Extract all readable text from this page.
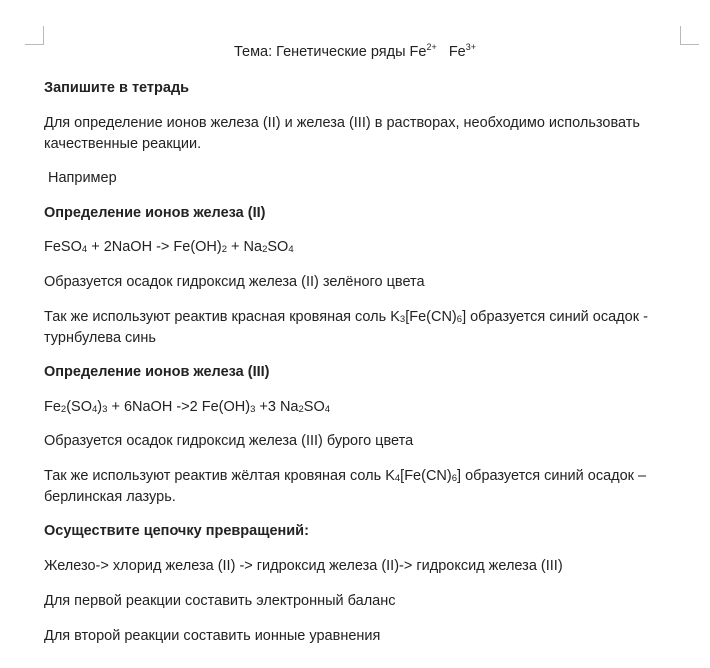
Тема: Генетические ряды $Fe^{2+}$ $Fe^{3+}$
Запишите в тетрадь
Для определение ионов железа (II) и железа (III) в растворах, необходимо использовать качественные реакции.
Например
Определение ионов железа (II)
FeSO$_4$ + 2NaOH -> $Fe(OH)_2 + Na_2SO_4$
Образуется осадок гидроксид железа (II) зелёного цвета
Так же используют реактив красная кровяная соль $K_3[Fe(CN)_6]$ образуется синий осадок - турнбулева синь
Определение ионов железа (III)
$Fe_2(SO_4)_3$ + 6NaOH ->2 $Fe(OH)_3 +3$ $Na_2SO_4$
Образуется осадок гидроксид железа (III) бурого цвета
Так же используют реактив жёлтая кровяная соль $K_4[Fe(CN)_6]$ образуется синий осадок –берлинская лазурь.
Осуществите цепочку превращений:
Железо-> хлорид железа (II) -> гидроксид железа (II)-> гидроксид железа (III)
Для первой реакции составить электронный баланс
Для второй реакции составить ионные уравнения
